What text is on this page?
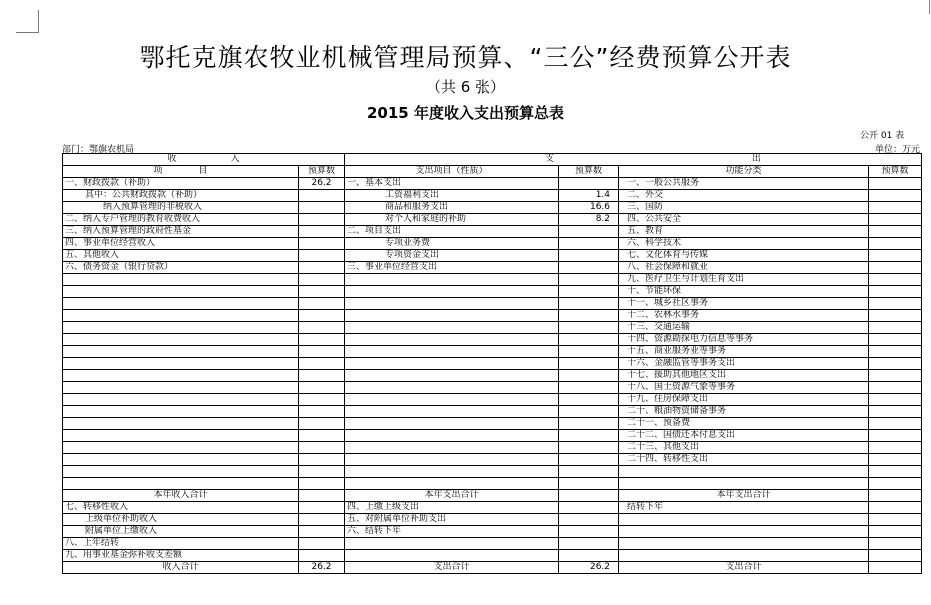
鄂托克旗农牧业机械管理局预算、“三公”经费预算公开表
（共 6 张）
2015 年度收入支出预算总表
公开 01 表
部门：鄂旗农机局	单位：万元
收　　　　　　入		支 出			
项　　　　目	预算数	支出项目（性质）	预算数	功能分类	预算数
一、财政拨款（补助）	26.2	一、基本支出		一、一般公共服务	
其中：公共财政拨款（补助）		工资福利支出	1.4	二、外交	
纳入预算管理的非税收入		商品和服务支出	16.6	三、国防	
二、纳入专户管理的教育收费收入		对个人和家庭的补助	8.2	四、公共安全	
三、纳入预算管理的政府性基金		二、项目支出		五、教育	
四、事业单位经营收入		专项业务费		六、科学技术	
五、其他收入		专项资金支出		七、文化体育与传媒	
六、债务资金（银行贷款）		三、事业单位经营支出		八、社会保障和就业	
				九、医疗卫生与计划生育支出	
				十、节能环保	
				十一、城乡社区事务	
				十二、农林水事务	
				十三、交通运输	
				十四、资源勘探电力信息等事务	
				十五、商业服务业等事务	
				十六、金融监管等事务支出	
				十七、援助其他地区支出	
				十八、国土资源气象等事务	
				十九、住房保障支出	
				二十、粮油物资储备事务	
				二十一、预备费	
				二十二、国债还本付息支出	
				二十三、其他支出	
				二十四、转移性支出	

本年收入合计		本年支出合计		本年支出合计	
七、转移性收入		四、上缴上级支出		结转下年	
上级单位补助收入		五、对附属单位补助支出			
附属单位上缴收入		六、结转下年			
八、上年结转					
九、用事业基金弥补收支差额					
收入合计	26.2	支出合计	26.2	支出合计	
